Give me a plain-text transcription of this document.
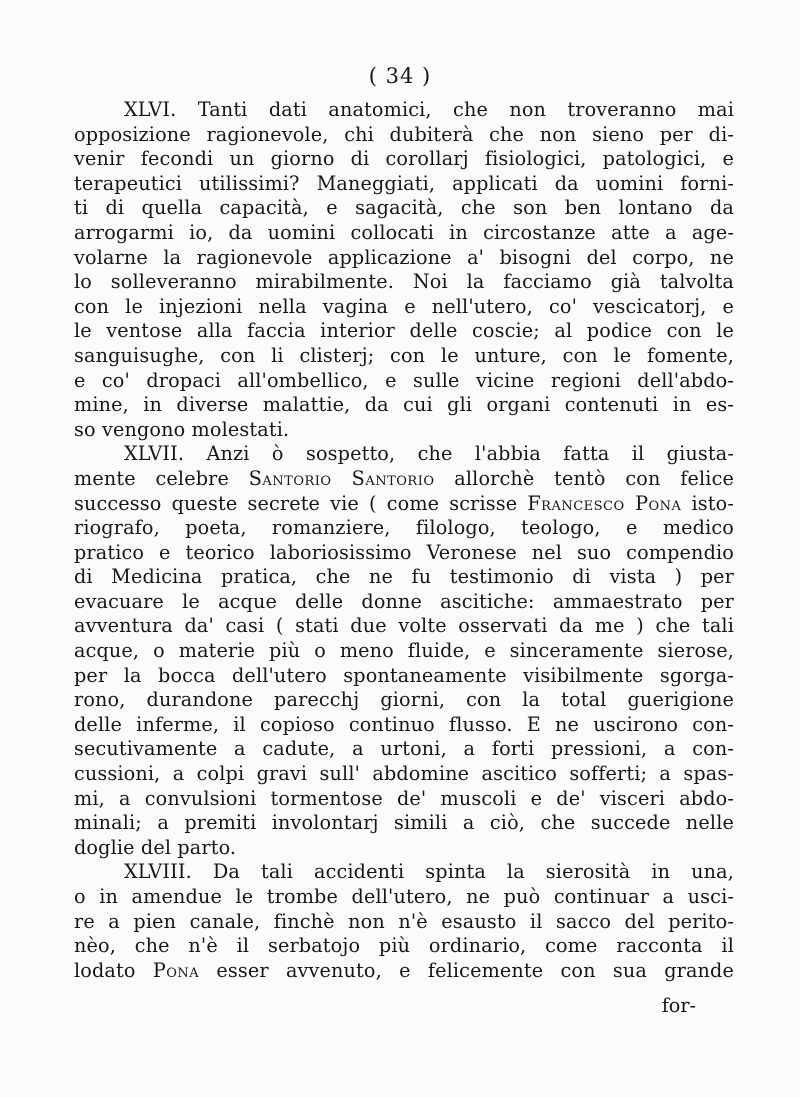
( 34 )
XLVI. Tanti dati anatomici, che non troveranno mai
opposizione ragionevole, chi dubiterà che non sieno per di-
venir fecondi un giorno di corollarj fisiologici, patologici, e
terapeutici utilissimi? Maneggiati, applicati da uomini forni-
ti di quella capacità, e sagacità, che son ben lontano da
arrogarmi io, da uomini collocati in circostanze atte a age-
volarne la ragionevole applicazione a' bisogni del corpo, ne
lo solleveranno mirabilmente. Noi la facciamo già talvolta
con le injezioni nella vagina e nell'utero, co' vescicatorj, e
le ventose alla faccia interior delle coscie; al podice con le
sanguisughe, con li clisterj; con le unture, con le fomente,
e co' dropaci all'ombellico, e sulle vicine regioni dell'abdo-
mine, in diverse malattie, da cui gli organi contenuti in es-
so vengono molestati.
XLVII. Anzi ò sospetto, che l'abbia fatta il giusta-
mente celebre Santorio Santorio allorchè tentò con felice
successo queste secrete vie ( come scrisse Francesco Pona isto-
riografo, poeta, romanziere, filologo, teologo, e medico
pratico e teorico laboriosissimo Veronese nel suo compendio
di Medicina pratica, che ne fu testimonio di vista ) per
evacuare le acque delle donne ascitiche: ammaestrato per
avventura da' casi ( stati due volte osservati da me ) che tali
acque, o materie più o meno fluide, e sinceramente sierose,
per la bocca dell'utero spontaneamente visibilmente sgorga-
rono, durandone parecchj giorni, con la total guerigione
delle inferme, il copioso continuo flusso. E ne uscirono con-
secutivamente a cadute, a urtoni, a forti pressioni, a con-
cussioni, a colpi gravi sull' abdomine ascitico sofferti; a spas-
mi, a convulsioni tormentose de' muscoli e de' visceri abdo-
minali; a premiti involontarj simili a ciò, che succede nelle
doglie del parto.
XLVIII. Da tali accidenti spinta la sierosità in una,
o in amendue le trombe dell'utero, ne può continuar a usci-
re a pien canale, finchè non n'è esausto il sacco del perito-
nèo, che n'è il serbatojo più ordinario, come racconta il
lodato Pona esser avvenuto, e felicemente con sua grande
for-
